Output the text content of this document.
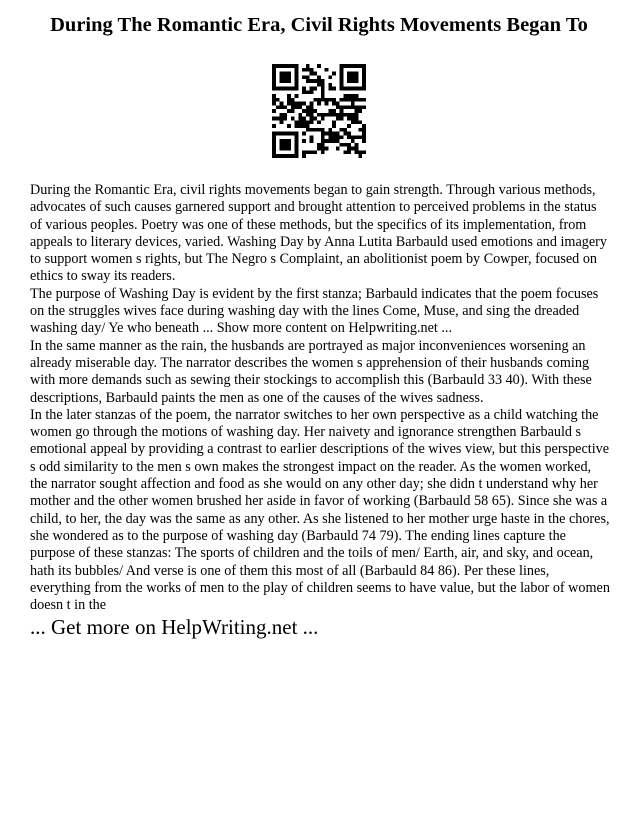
During The Romantic Era, Civil Rights Movements Began To

During the Romantic Era, civil rights movements began to gain strength. Through various methods, advocates of such causes garnered support and brought attention to perceived problems in the status of various peoples. Poetry was one of these methods, but the specifics of its implementation, from appeals to literary devices, varied. Washing Day by Anna Lutita Barbauld used emotions and imagery to support women s rights, but The Negro s Complaint, an abolitionist poem by Cowper, focused on ethics to sway its readers.

The purpose of Washing Day is evident by the first stanza; Barbauld indicates that the poem focuses on the struggles wives face during washing day with the lines Come, Muse, and sing the dreaded washing day/ Ye who beneath ... Show more content on Helpwriting.net ...

In the same manner as the rain, the husbands are portrayed as major inconveniences worsening an already miserable day. The narrator describes the women s apprehension of their husbands coming with more demands such as sewing their stockings to accomplish this (Barbauld 33 40). With these descriptions, Barbauld paints the men as one of the causes of the wives sadness.

In the later stanzas of the poem, the narrator switches to her own perspective as a child watching the women go through the motions of washing day. Her naivety and ignorance strengthen Barbauld s emotional appeal by providing a contrast to earlier descriptions of the wives view, but this perspective s odd similarity to the men s own makes the strongest impact on the reader. As the women worked, the narrator sought affection and food as she would on any other day; she didn t understand why her mother and the other women brushed her aside in favor of working (Barbauld 58 65). Since she was a child, to her, the day was the same as any other. As she listened to her mother urge haste in the chores, she wondered as to the purpose of washing day (Barbauld 74 79). The ending lines capture the purpose of these stanzas: The sports of children and the toils of men/ Earth, air, and sky, and ocean, hath its bubbles/ And verse is one of them this most of all (Barbauld 84 86). Per these lines, everything from the works of men to the play of children seems to have value, but the labor of women doesn t in the

... Get more on HelpWriting.net ...
